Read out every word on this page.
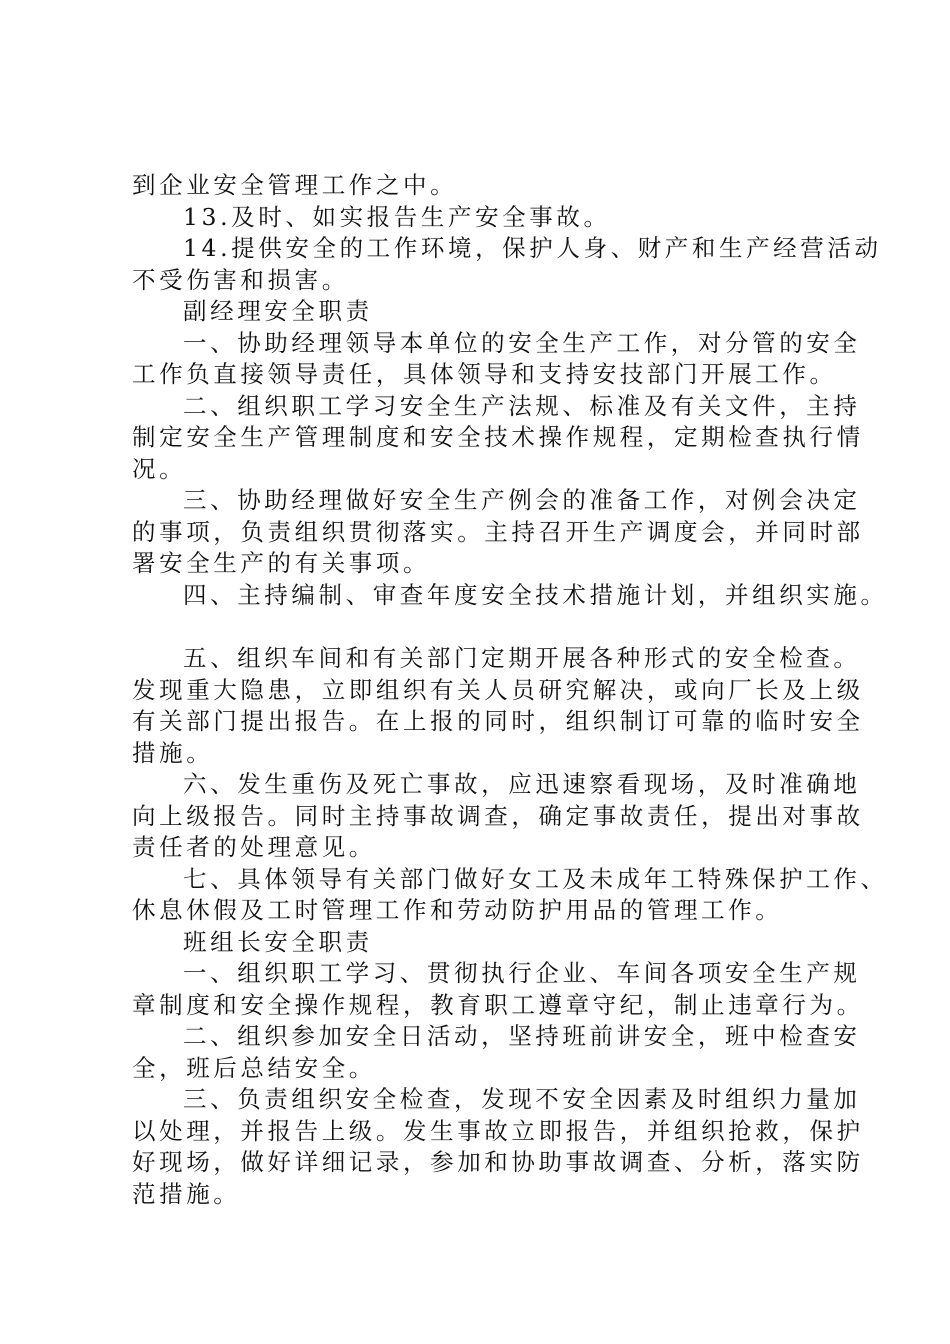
到企业安全管理工作之中。

13.及时、如实报告生产安全事故。

14.提供安全的工作环境，保护人身、财产和生产经营活动

不受伤害和损害。

副经理安全职责

一、协助经理领导本单位的安全生产工作，对分管的安全

工作负直接领导责任，具体领导和支持安技部门开展工作。

二、组织职工学习安全生产法规、标准及有关文件，主持

制定安全生产管理制度和安全技术操作规程，定期检查执行情

况。

三、协助经理做好安全生产例会的准备工作，对例会决定

的事项，负责组织贯彻落实。主持召开生产调度会，并同时部

署安全生产的有关事项。

四、主持编制、审查年度安全技术措施计划，并组织实施。

五、组织车间和有关部门定期开展各种形式的安全检查。

发现重大隐患，立即组织有关人员研究解决，或向厂长及上级

有关部门提出报告。在上报的同时，组织制订可靠的临时安全

措施。

六、发生重伤及死亡事故，应迅速察看现场，及时准确地

向上级报告。同时主持事故调查，确定事故责任，提出对事故

责任者的处理意见。

七、具体领导有关部门做好女工及未成年工特殊保护工作、

休息休假及工时管理工作和劳动防护用品的管理工作。

班组长安全职责

一、组织职工学习、贯彻执行企业、车间各项安全生产规

章制度和安全操作规程，教育职工遵章守纪，制止违章行为。

二、组织参加安全日活动，坚持班前讲安全，班中检查安

全，班后总结安全。

三、负责组织安全检查，发现不安全因素及时组织力量加

以处理，并报告上级。发生事故立即报告，并组织抢救，保护

好现场，做好详细记录，参加和协助事故调查、分析，落实防

范措施。
